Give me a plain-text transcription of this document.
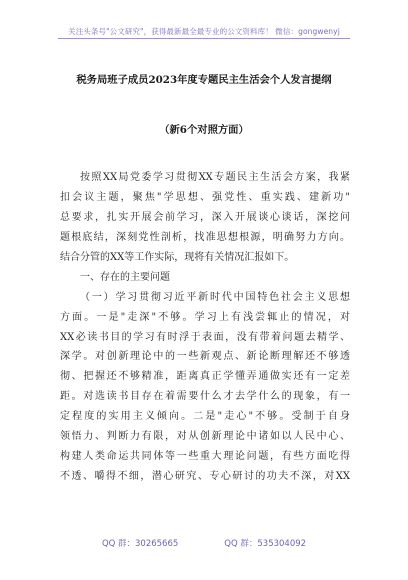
关注头条号"公文研究"，获得最新最全最专业的公文资料库！ 微信：gongwenyj
税务局班子成员2023年度专题民主生活会个人发言提纲
（新6个对照方面）
按照XX局党委学习贯彻XX专题民主生活会方案，我紧
扣会议主题，聚焦"学思想、强党性、重实践、建新功"
总要求，扎实开展会前学习，深入开展谈心谈话，深挖问
题根底结，深刻党性剖析，找准思想根源，明确努力方向。
结合分管的XX等工作实际，现将有关情况汇报如下。
一、存在的主要问题
（一）学习贯彻习近平新时代中国特色社会主义思想
方面。一是"走深"不够。学习上有浅尝辄止的情况，对
XX必读书目的学习有时浮于表面，没有带着问题去精学、
深学。对创新理论中的一些新观点、新论断理解还不够透
彻、把握还不够精准，距离真正学懂弄通做实还有一定差
距。对选读书目存在着需要什么才去学什么的现象，有一
定程度的实用主义倾向。二是"走心"不够。受制于自身
领悟力、判断力有限，对从创新理论中诸如以人民中心、
构建人类命运共同体等一些重大理论问题，有些方面吃得
不透、嚼得不细，潜心研究、专心研讨的功夫不深，对XX
QQ 群：30265665	QQ 群：535304092
